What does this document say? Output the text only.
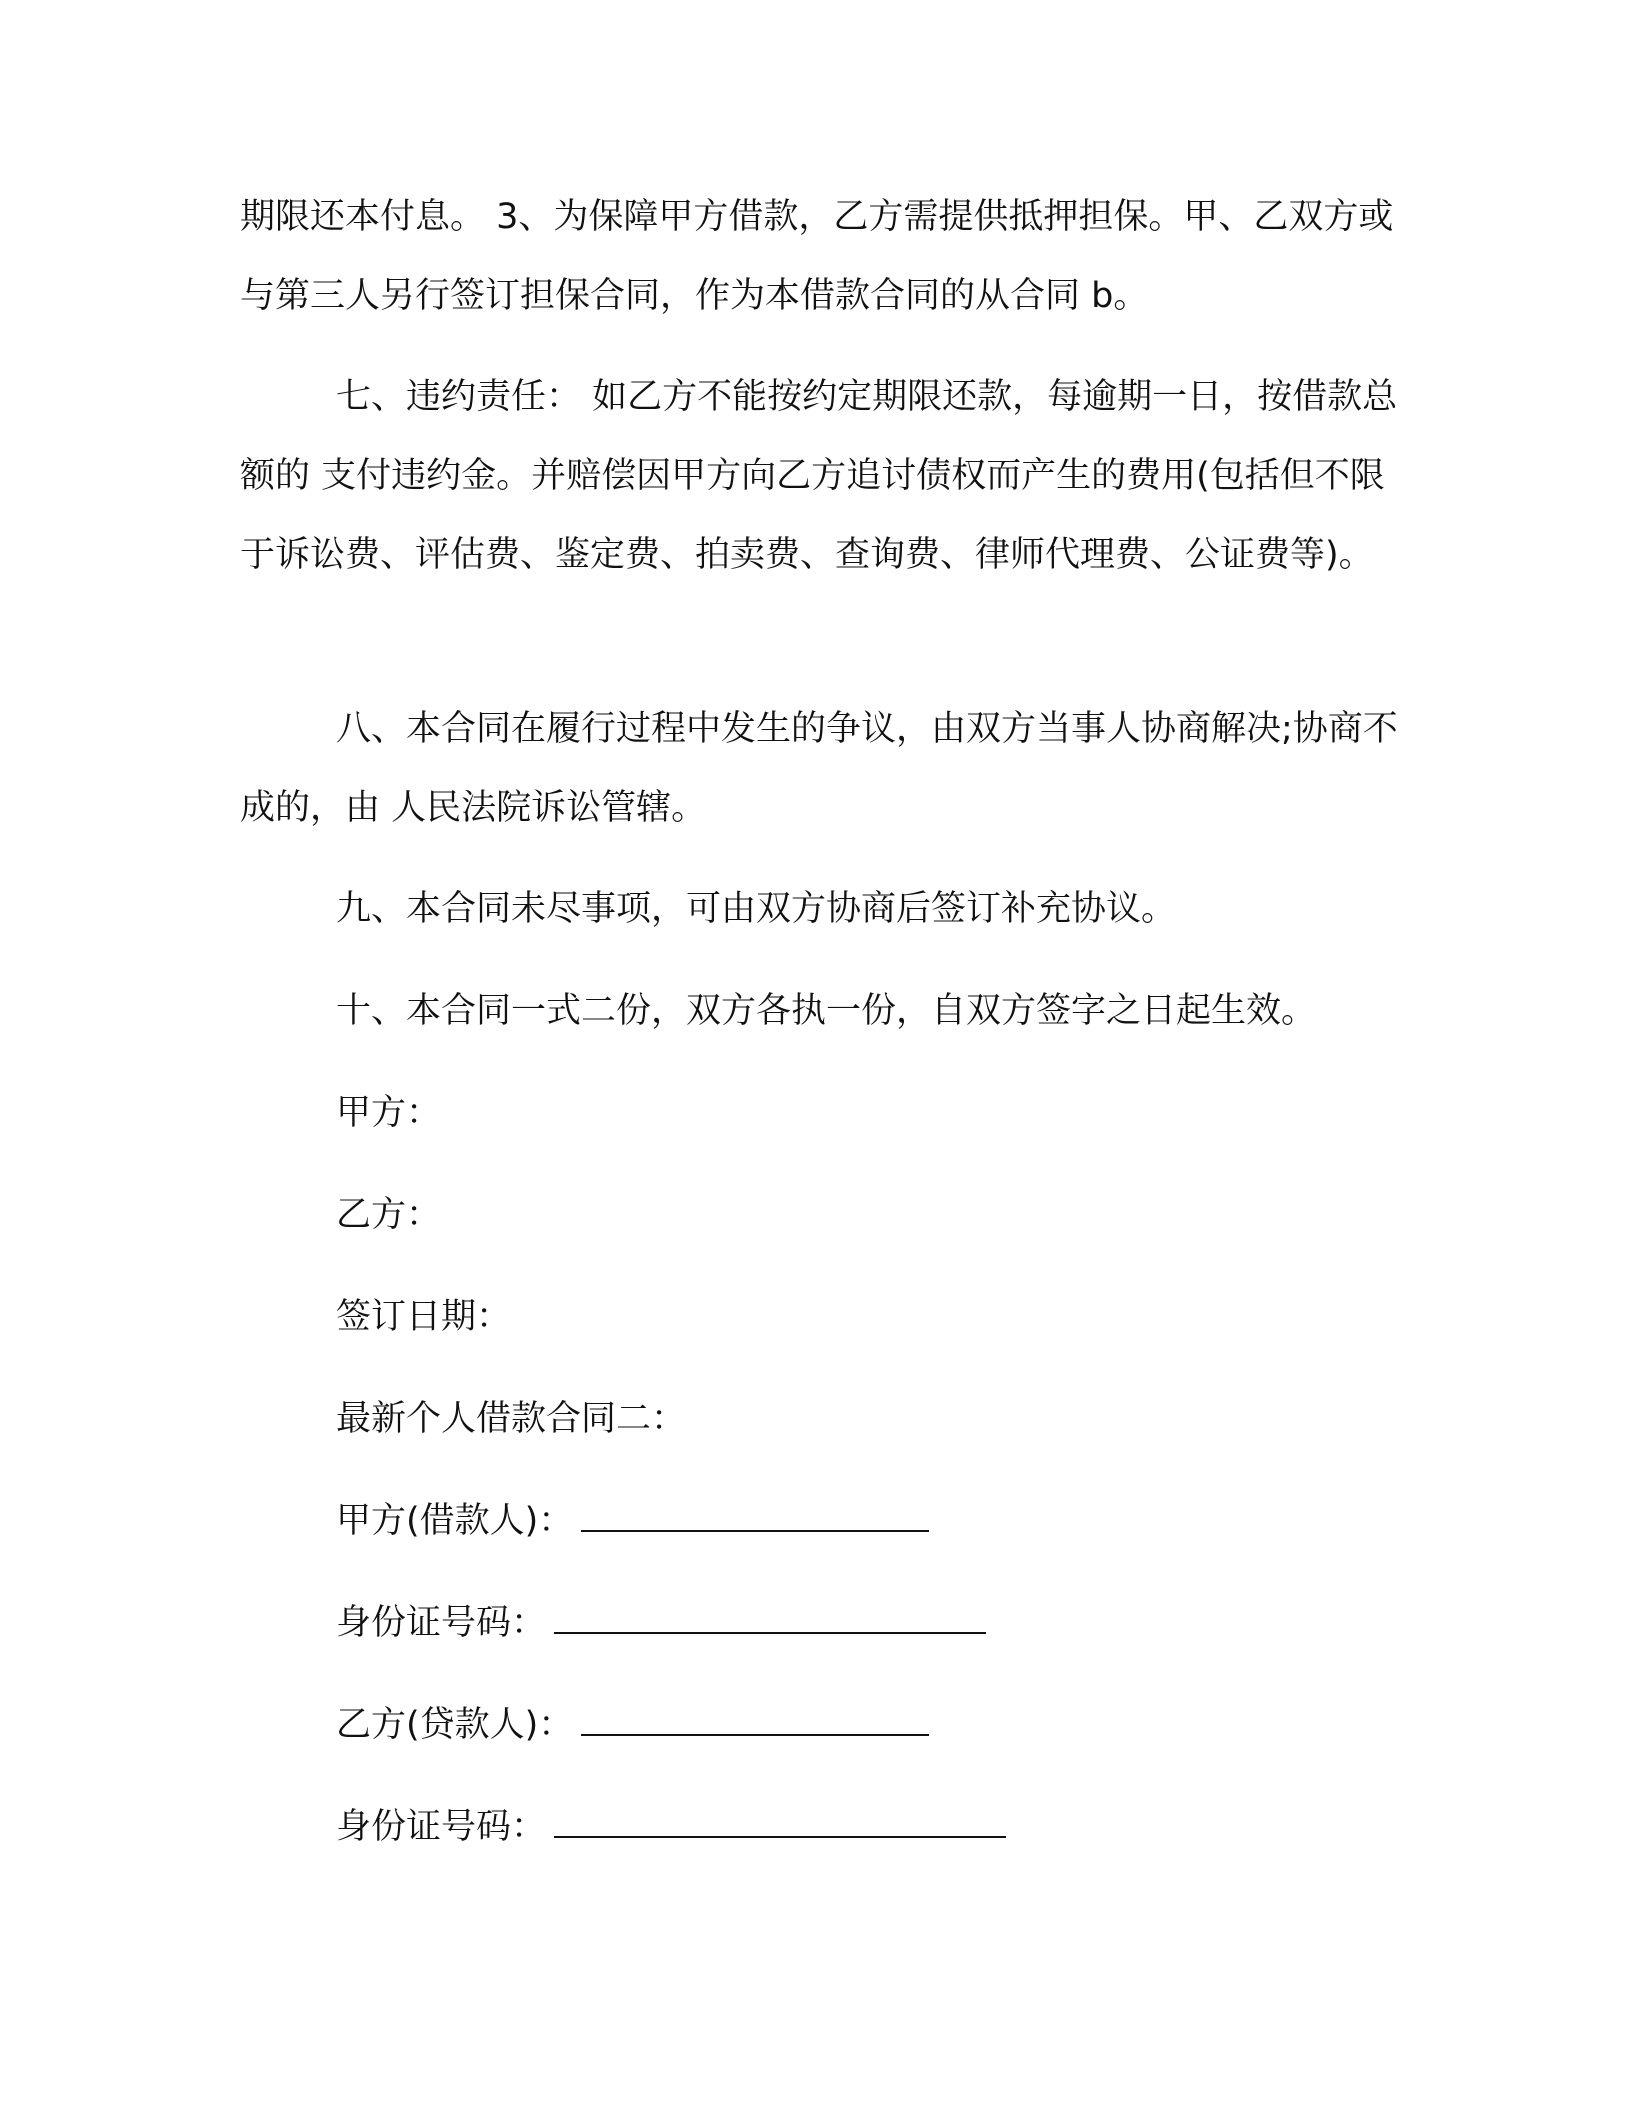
期限还本付息。 3、为保障甲方借款，乙方需提供抵押担保。甲、乙双方或与第三人另行签订担保合同，作为本借款合同的从合同 b。

七、违约责任： 如乙方不能按约定期限还款，每逾期一日，按借款总额的 支付违约金。并赔偿因甲方向乙方追讨债权而产生的费用(包括但不限于诉讼费、评估费、鉴定费、拍卖费、查询费、律师代理费、公证费等)。

八、本合同在履行过程中发生的争议，由双方当事人协商解决;协商不成的，由 人民法院诉讼管辖。

九、本合同未尽事项，可由双方协商后签订补充协议。

十、本合同一式二份，双方各执一份，自双方签字之日起生效。

甲方：

乙方：

签订日期：

最新个人借款合同二：

甲方(借款人)：

身份证号码：

乙方(贷款人)：

身份证号码：
